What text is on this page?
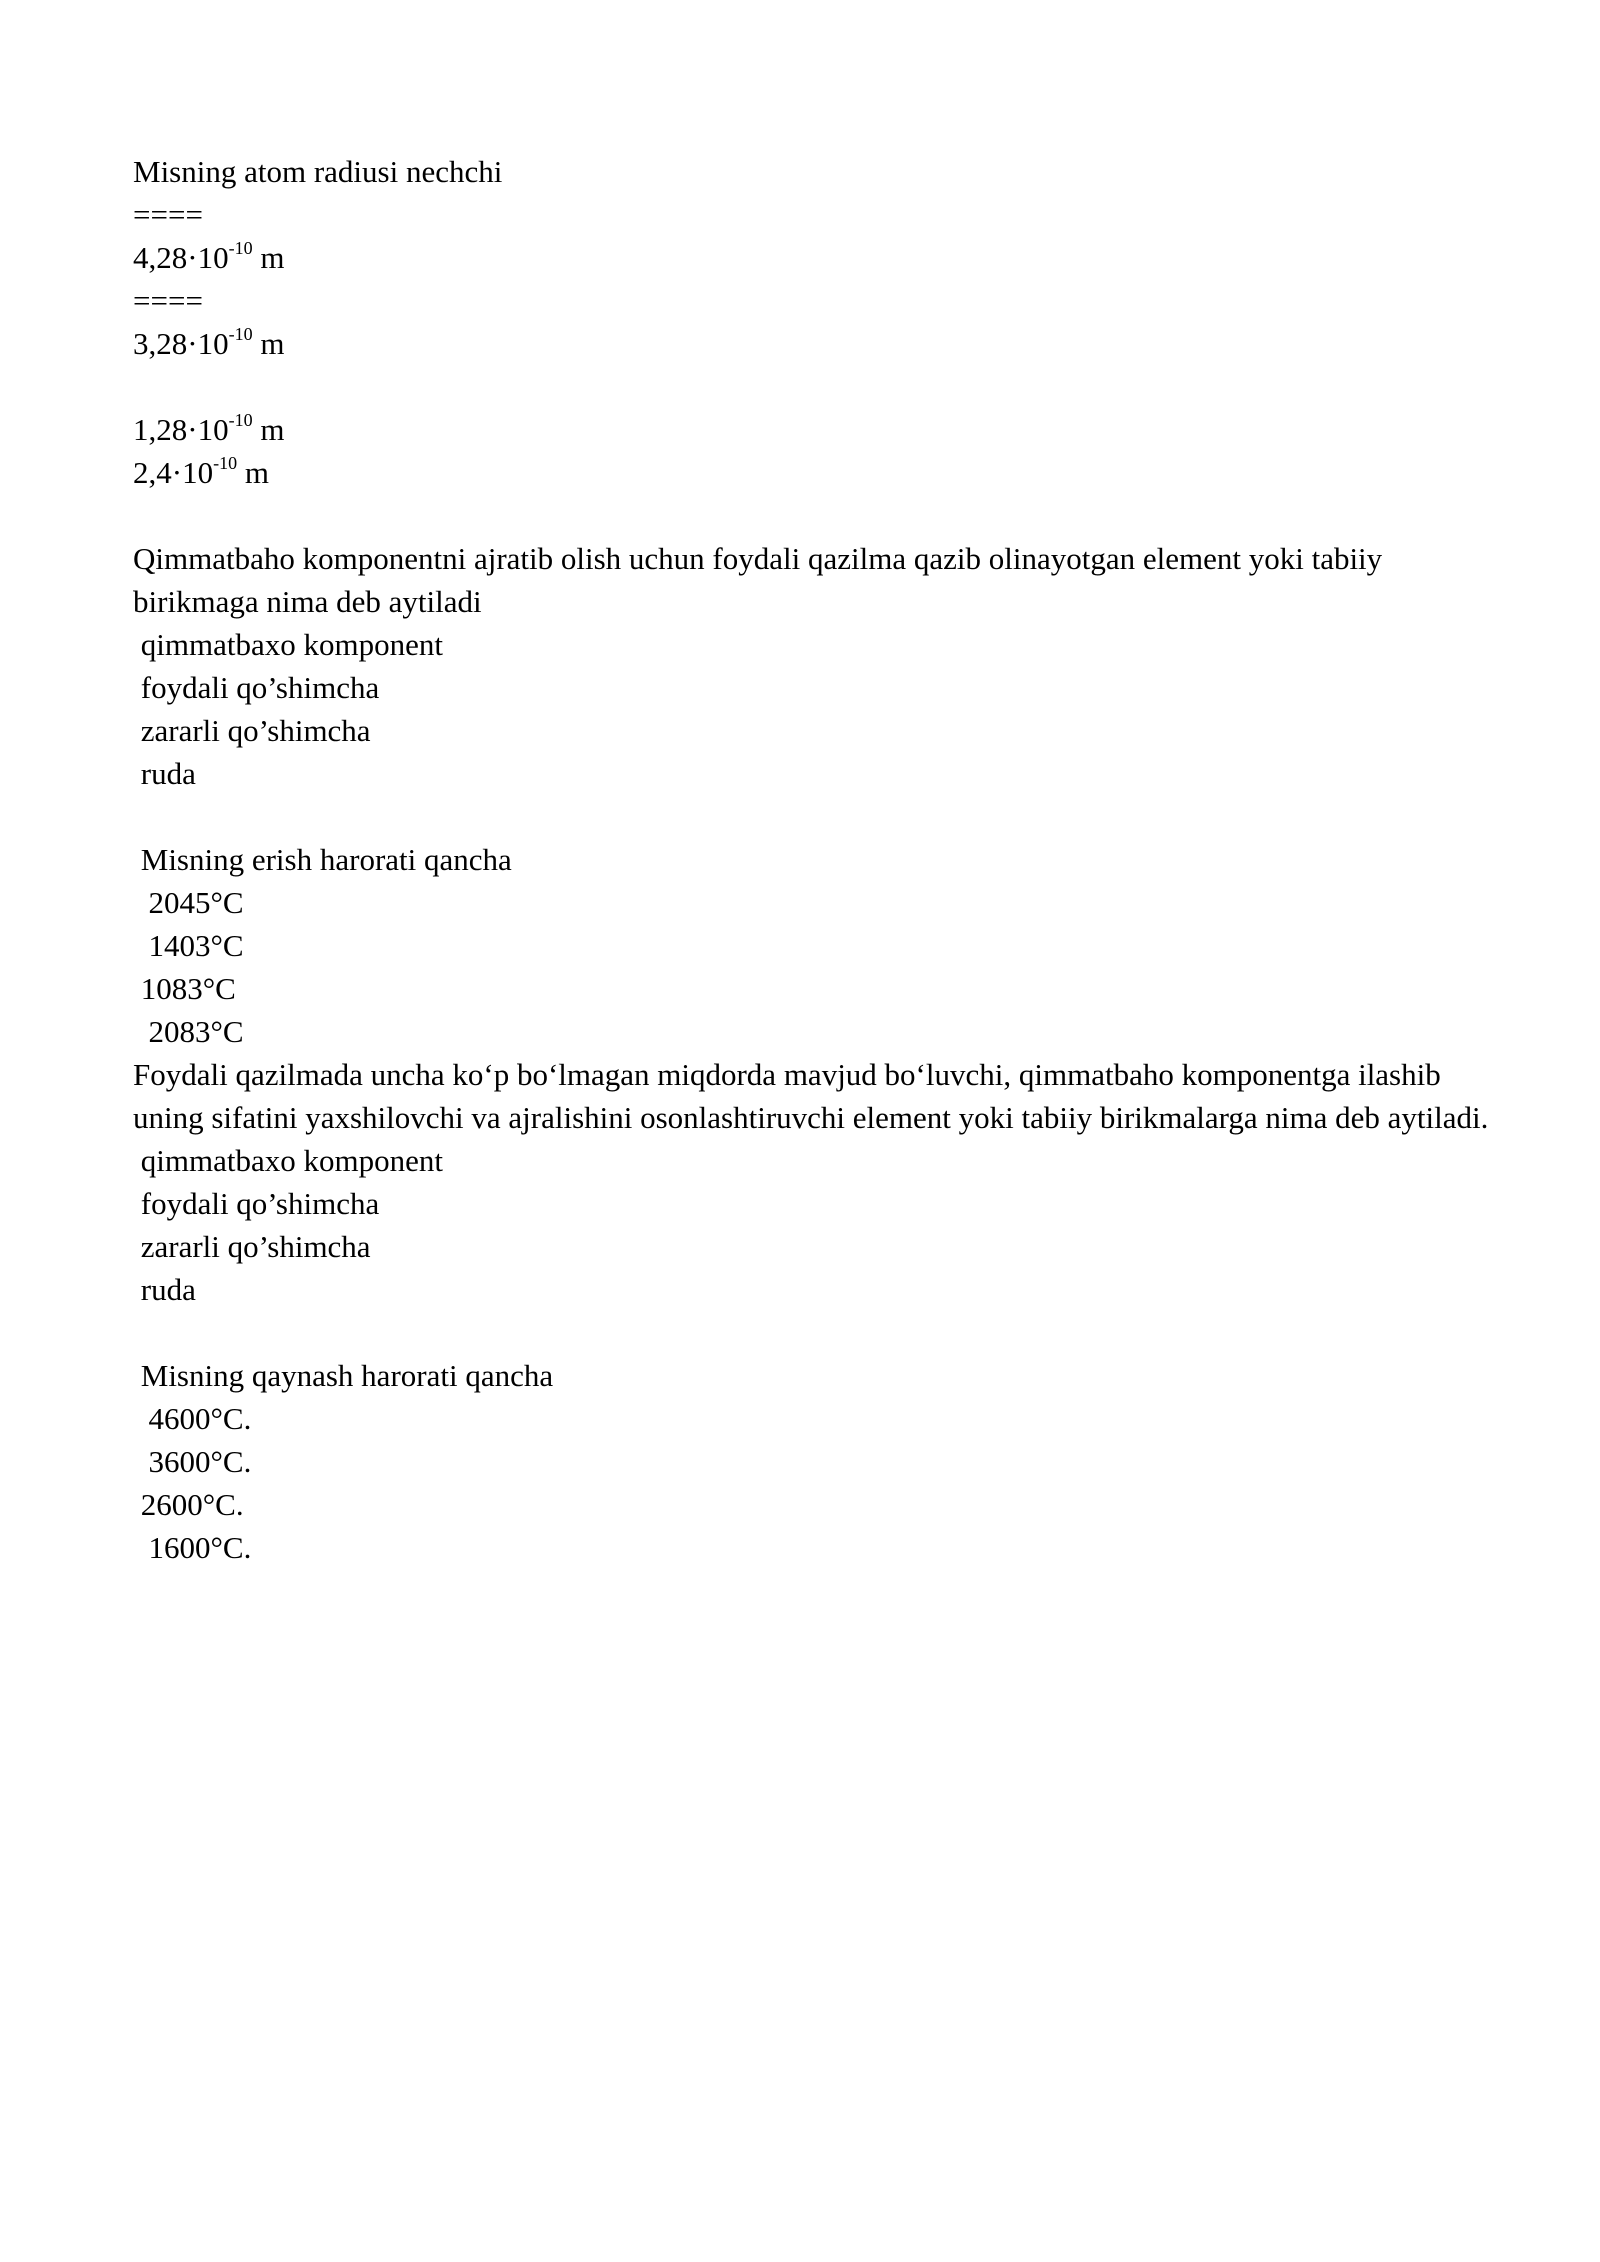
Misning atom radiusi nechchi
====
$4,28\cdot 10^{-10}$ m
====
$3,28\cdot 10^{-10}$ m
$1,28\cdot 10^{-10}$ m
$2,4\cdot 10^{-10}$ m
Qimmatbaho komponentni ajratib olish uchun foydali qazilma qazib olinayotgan element yoki tabiiy birikmaga nima deb aytiladi
qimmatbaxo komponent
foydali qo’shimcha
zararli qo’shimcha
ruda
Misning erish harorati qancha
2045°C
1403°C
1083°C
2083°C
Foydali qazilmada uncha koʻp boʻlmagan miqdorda mavjud boʻluvchi, qimmatbaho komponentga ilashib uning sifatini yaxshilovchi va ajralishini osonlashtiruvchi element yoki tabiiy birikmalarga nima deb aytiladi.
qimmatbaxo komponent
foydali qo’shimcha
zararli qo’shimcha
ruda
Misning qaynash harorati qancha
4600°C.
3600°C.
2600°C.
1600°C.
